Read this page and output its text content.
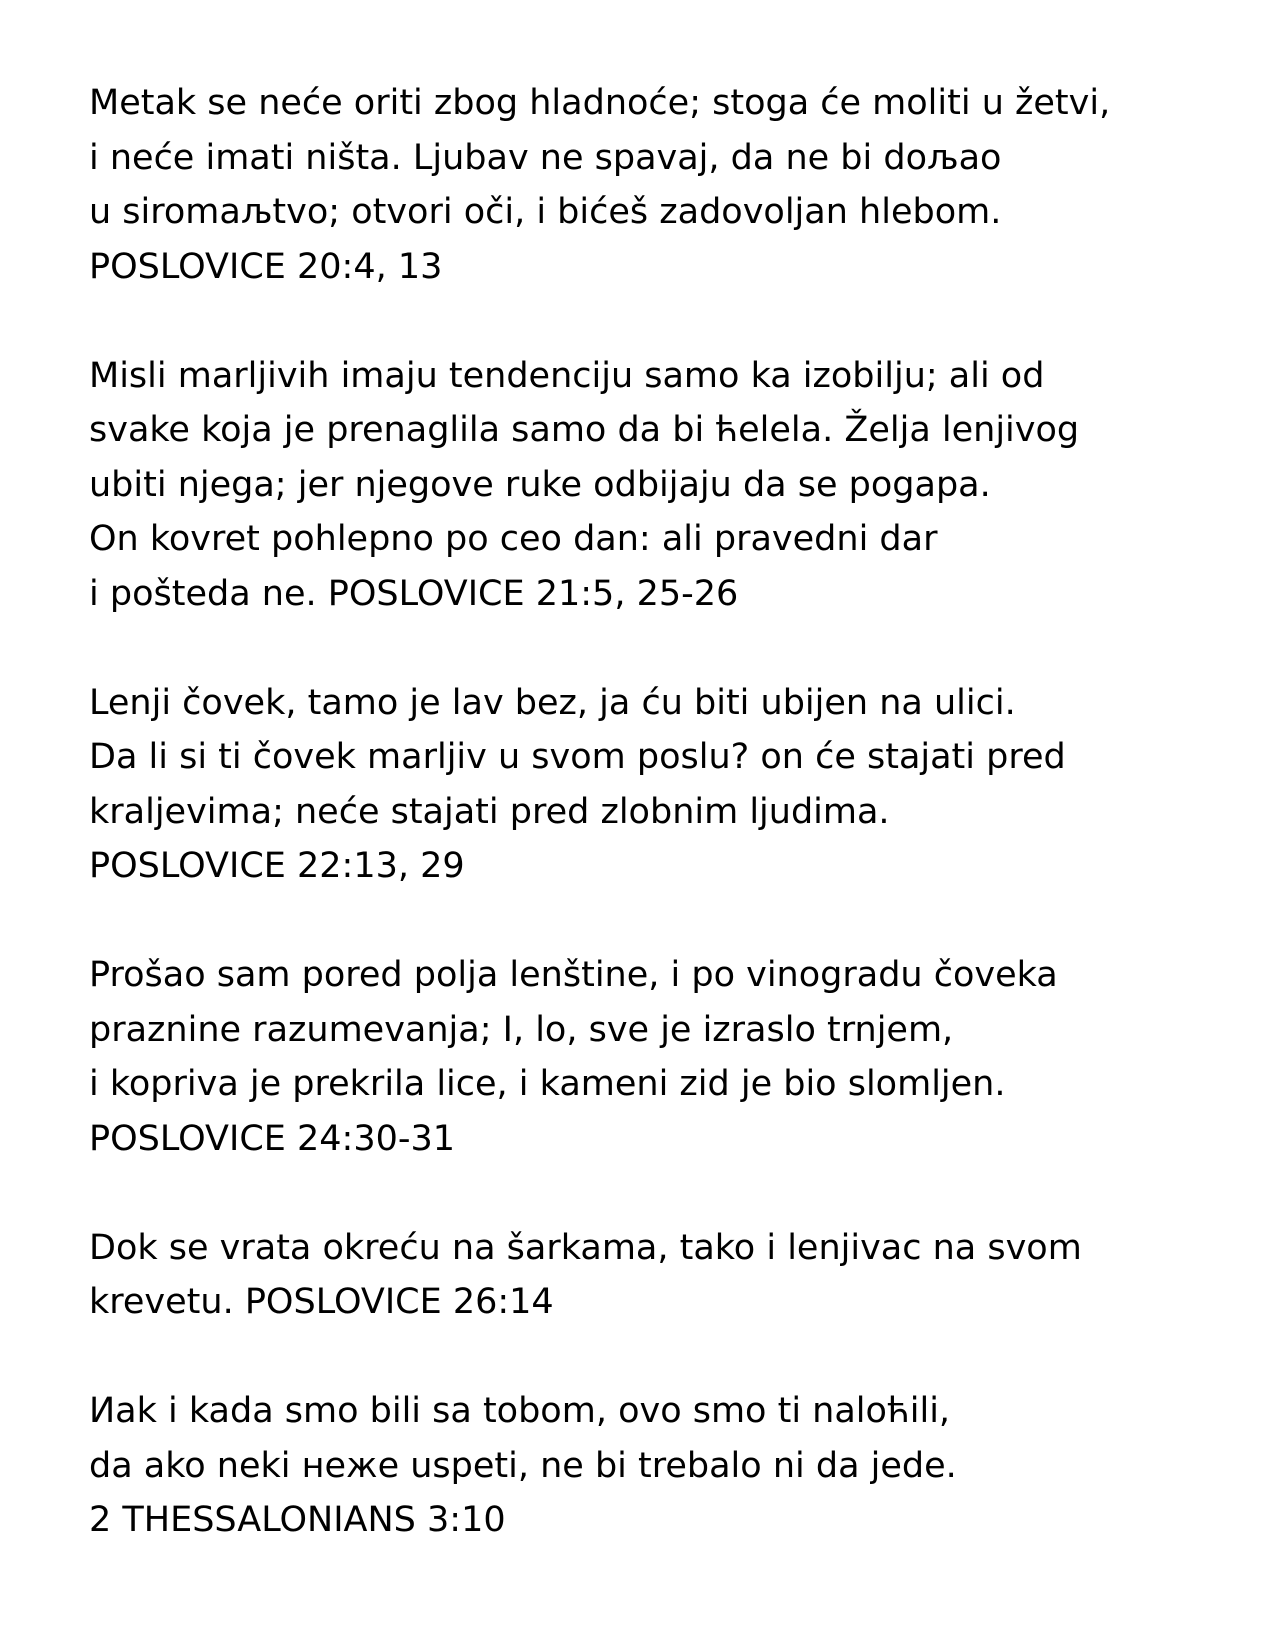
Metak se neće oriti zbog hladnoće; stoga će moliti u žetvi,
i neće imati ništa. Ljubav ne spavaj, da ne bi doљao
u siromaљtvo; otvori oči, i bićeš zadovoljan hlebom.
POSLOVICE 20:4, 13

Misli marljivih imaju tendenciju samo ka izobilju; ali od
svake koja je prenaglila samo da bi ћelela. Želja lenjivog
ubiti njega; jer njegove ruke odbijaju da se pogapa.
On kovret pohlepno po ceo dan: ali pravedni dar
i pošteda ne. POSLOVICE 21:5, 25-26

Lenji čovek, tamo je lav bez, ja ću biti ubijen na ulici.
Da li si ti čovek marljiv u svom poslu? on će stajati pred
kraljevima; neće stajati pred zlobnim ljudima.
POSLOVICE 22:13, 29

Prošao sam pored polja lenštine, i po vinogradu čoveka
praznine razumevanja; I, lo, sve je izraslo trnjem,
i kopriva je prekrila lice, i kameni zid je bio slomljen.
POSLOVICE 24:30-31

Dok se vrata okreću na šarkama, tako i lenjivac na svom
krevetu. POSLOVICE 26:14

Иak i kada smo bili sa tobom, ovo smo ti naloћili,
da ako neki неже uspeti, ne bi trebalo ni da jede.
2 THESSALONIANS 3:10
